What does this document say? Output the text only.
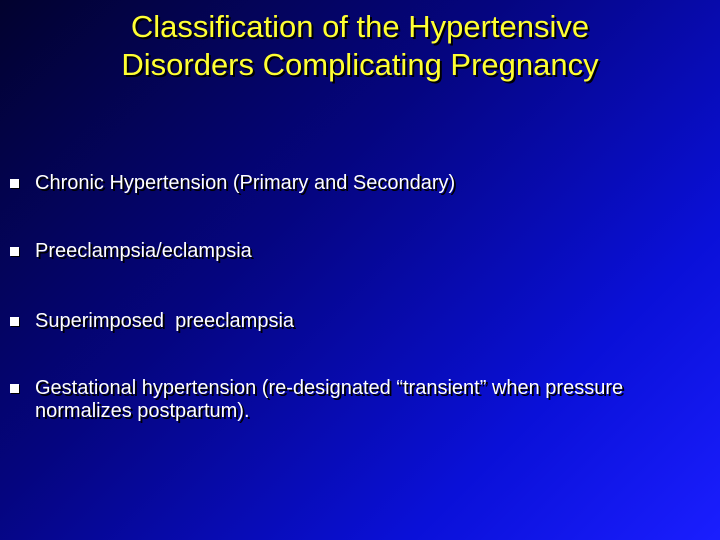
Classification of the Hypertensive
Disorders Complicating Pregnancy
Chronic Hypertension (Primary and Secondary)
Preeclampsia/eclampsia
Superimposed  preeclampsia
Gestational hypertension (re-designated “transient” when pressure normalizes postpartum).
